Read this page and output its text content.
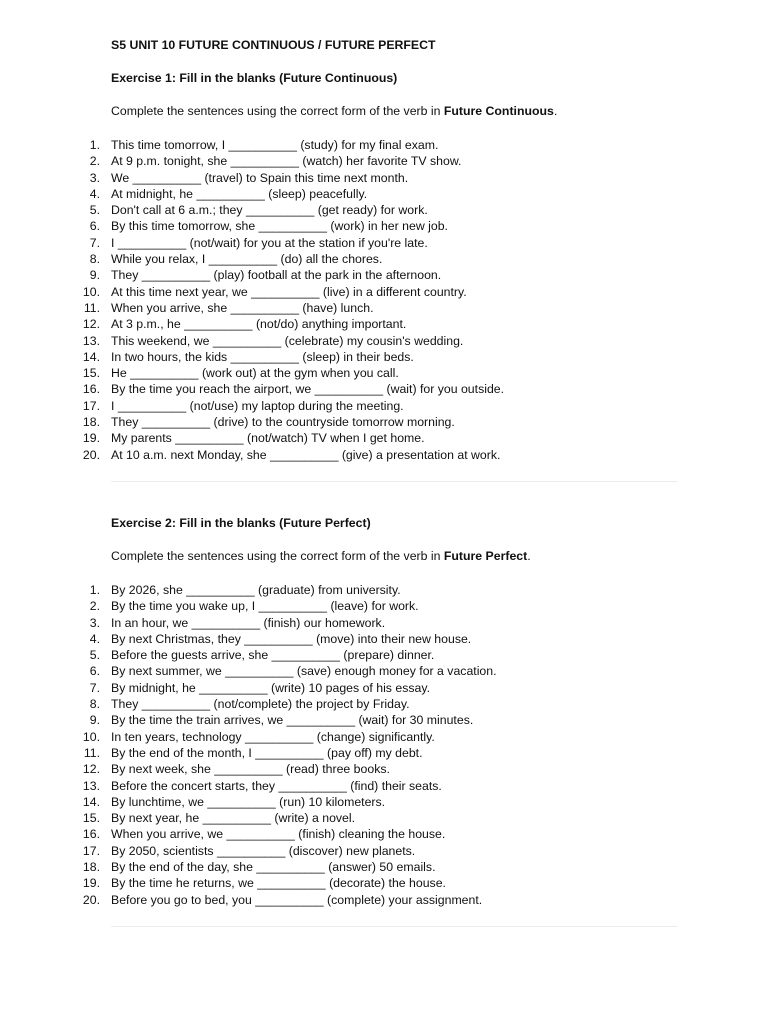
S5 UNIT 10 FUTURE CONTINUOUS / FUTURE PERFECT
Exercise 1: Fill in the blanks (Future Continuous)
Complete the sentences using the correct form of the verb in Future Continuous.
1. This time tomorrow, I __________ (study) for my final exam.
2. At 9 p.m. tonight, she __________ (watch) her favorite TV show.
3. We __________ (travel) to Spain this time next month.
4. At midnight, he __________ (sleep) peacefully.
5. Don't call at 6 a.m.; they __________ (get ready) for work.
6. By this time tomorrow, she __________ (work) in her new job.
7. I __________ (not/wait) for you at the station if you're late.
8. While you relax, I __________ (do) all the chores.
9. They __________ (play) football at the park in the afternoon.
10. At this time next year, we __________ (live) in a different country.
11. When you arrive, she __________ (have) lunch.
12. At 3 p.m., he __________ (not/do) anything important.
13. This weekend, we __________ (celebrate) my cousin's wedding.
14. In two hours, the kids __________ (sleep) in their beds.
15. He __________ (work out) at the gym when you call.
16. By the time you reach the airport, we __________ (wait) for you outside.
17. I __________ (not/use) my laptop during the meeting.
18. They __________ (drive) to the countryside tomorrow morning.
19. My parents __________ (not/watch) TV when I get home.
20. At 10 a.m. next Monday, she __________ (give) a presentation at work.
Exercise 2: Fill in the blanks (Future Perfect)
Complete the sentences using the correct form of the verb in Future Perfect.
1. By 2026, she __________ (graduate) from university.
2. By the time you wake up, I __________ (leave) for work.
3. In an hour, we __________ (finish) our homework.
4. By next Christmas, they __________ (move) into their new house.
5. Before the guests arrive, she __________ (prepare) dinner.
6. By next summer, we __________ (save) enough money for a vacation.
7. By midnight, he __________ (write) 10 pages of his essay.
8. They __________ (not/complete) the project by Friday.
9. By the time the train arrives, we __________ (wait) for 30 minutes.
10. In ten years, technology __________ (change) significantly.
11. By the end of the month, I __________ (pay off) my debt.
12. By next week, she __________ (read) three books.
13. Before the concert starts, they __________ (find) their seats.
14. By lunchtime, we __________ (run) 10 kilometers.
15. By next year, he __________ (write) a novel.
16. When you arrive, we __________ (finish) cleaning the house.
17. By 2050, scientists __________ (discover) new planets.
18. By the end of the day, she __________ (answer) 50 emails.
19. By the time he returns, we __________ (decorate) the house.
20. Before you go to bed, you __________ (complete) your assignment.
